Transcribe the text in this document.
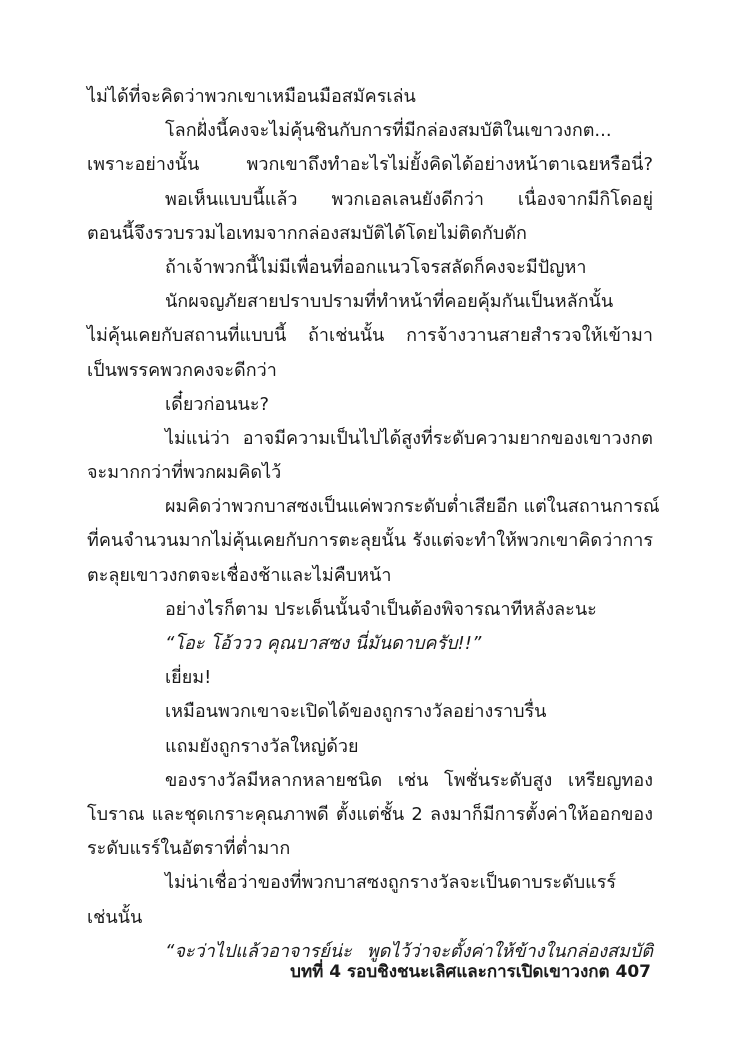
ไม่ได้ที่จะคิดว่าพวกเขาเหมือนมือสมัครเล่น
โลกฝั่งนี้คงจะไม่คุ้นชินกับการที่มีกล่องสมบัติในเขาวงกต...
เพราะอย่างนั้น พวกเขาถึงทำอะไรไม่ยั้งคิดได้อย่างหน้าตาเฉยหรือนี่?
พอเห็นแบบนี้แล้ว พวกเอลเลนยังดีกว่า เนื่องจากมีกิโดอยู่
ตอนนี้จึงรวบรวมไอเทมจากกล่องสมบัติได้โดยไม่ติดกับดัก
ถ้าเจ้าพวกนี้ไม่มีเพื่อนที่ออกแนวโจรสลัดก็คงจะมีปัญหา
นักผจญภัยสายปราบปรามที่ทำหน้าที่คอยคุ้มกันเป็นหลักนั้น
ไม่คุ้นเคยกับสถานที่แบบนี้ ถ้าเช่นนั้น การจ้างวานสายสำรวจให้เข้ามา
เป็นพรรคพวกคงจะดีกว่า
เดี๋ยวก่อนนะ?
ไม่แน่ว่า อาจมีความเป็นไปได้สูงที่ระดับความยากของเขาวงกต
จะมากกว่าที่พวกผมคิดไว้
ผมคิดว่าพวกบาสซงเป็นแค่พวกระดับต่ำเสียอีก แต่ในสถานการณ์
ที่คนจำนวนมากไม่คุ้นเคยกับการตะลุยนั้น รังแต่จะทำให้พวกเขาคิดว่าการ
ตะลุยเขาวงกตจะเชื่องช้าและไม่คืบหน้า
อย่างไรก็ตาม ประเด็นนั้นจำเป็นต้องพิจารณาทีหลังละนะ
“โอะ โอ้ววว คุณบาสซง นี่มันดาบครับ!!”
เยี่ยม!
เหมือนพวกเขาจะเปิดได้ของถูกรางวัลอย่างราบรื่น
แถมยังถูกรางวัลใหญ่ด้วย
ของรางวัลมีหลากหลายชนิด เช่น โพชั่นระดับสูง เหรียญทอง
โบราณ และชุดเกราะคุณภาพดี ตั้งแต่ชั้น 2 ลงมาก็มีการตั้งค่าให้ออกของ
ระดับแรร์ในอัตราที่ต่ำมาก
ไม่น่าเชื่อว่าของที่พวกบาสซงถูกรางวัลจะเป็นดาบระดับแรร์
เช่นนั้น
“จะว่าไปแล้วอาจารย์น่ะ พูดไว้ว่าจะตั้งค่าให้ข้างในกล่องสมบัติ
บทที่ 4 รอบชิงชนะเลิศและการเปิดเขาวงกต 407
